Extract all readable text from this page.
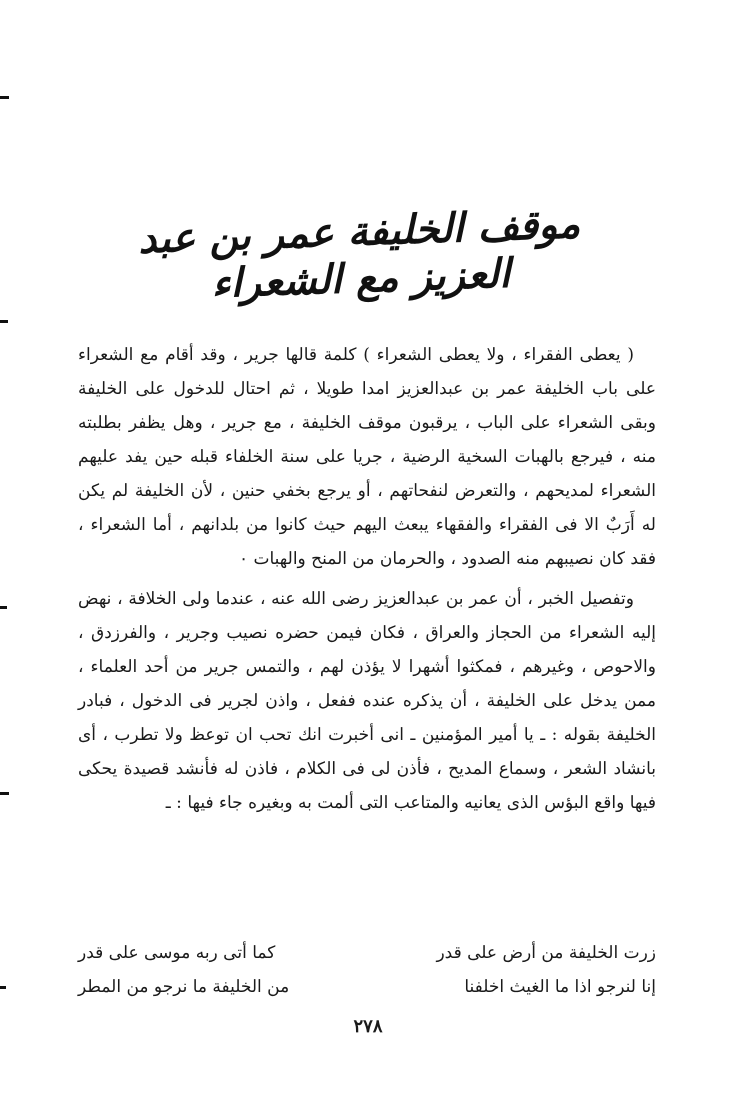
موقف الخليفة عمر بن عبد العزيز مع الشعراء

( يعطى الفقراء ، ولا يعطى الشعراء ) كلمة قالها جرير ، وقد أقام مع الشعراء على باب الخليفة عمر بن عبدالعزيز امدا طويلا ، ثم احتال للدخول على الخليفة وبقى الشعراء على الباب ، يرقبون موقف الخليفة ، مع جرير ، وهل يظفر بطلبته منه ، فيرجع بالهبات السخية الرضية ، جريا على سنة الخلفاء قبله حين يفد عليهم الشعراء لمديحهم ، والتعرض لنفحاتهم ، أو يرجع بخفي حنين ، لأن الخليفة لم يكن له أَرَبٌ الا فى الفقراء والفقهاء يبعث اليهم حيث كانوا من بلدانهم ، أما الشعراء ، فقد كان نصيبهم منه الصدود ، والحرمان من المنح والهبات ٠

وتفصيل الخبر ، أن عمر بن عبدالعزيز رضى الله عنه ، عندما ولى الخلافة ، نهض إليه الشعراء من الحجاز والعراق ، فكان فيمن حضره نصيب وجرير ، والفرزدق ، والاحوص ، وغيرهم ، فمكثوا أشهرا لا يؤذن لهم ، والتمس جرير من أحد العلماء ، ممن يدخل على الخليفة ، أن يذكره عنده ففعل ، واذن لجرير فى الدخول ، فبادر الخليفة بقوله : ـ يا أمير المؤمنين ـ انى أخبرت انك تحب ان توعظ ولا تطرب ، أى بانشاد الشعر ، وسماع المديح ، فأذن لى فى الكلام ، فاذن له فأنشد قصيدة يحكى فيها واقع البؤس الذى يعانيه والمتاعب التى ألمت به وبغيره جاء فيها : ـ

زرت الخليفة من أرض على قدر
كما أتى ربه موسى على قدر
إنا لنرجو اذا ما الغيث اخلفنا
من الخليفة ما نرجو من المطر
٢٧٨
